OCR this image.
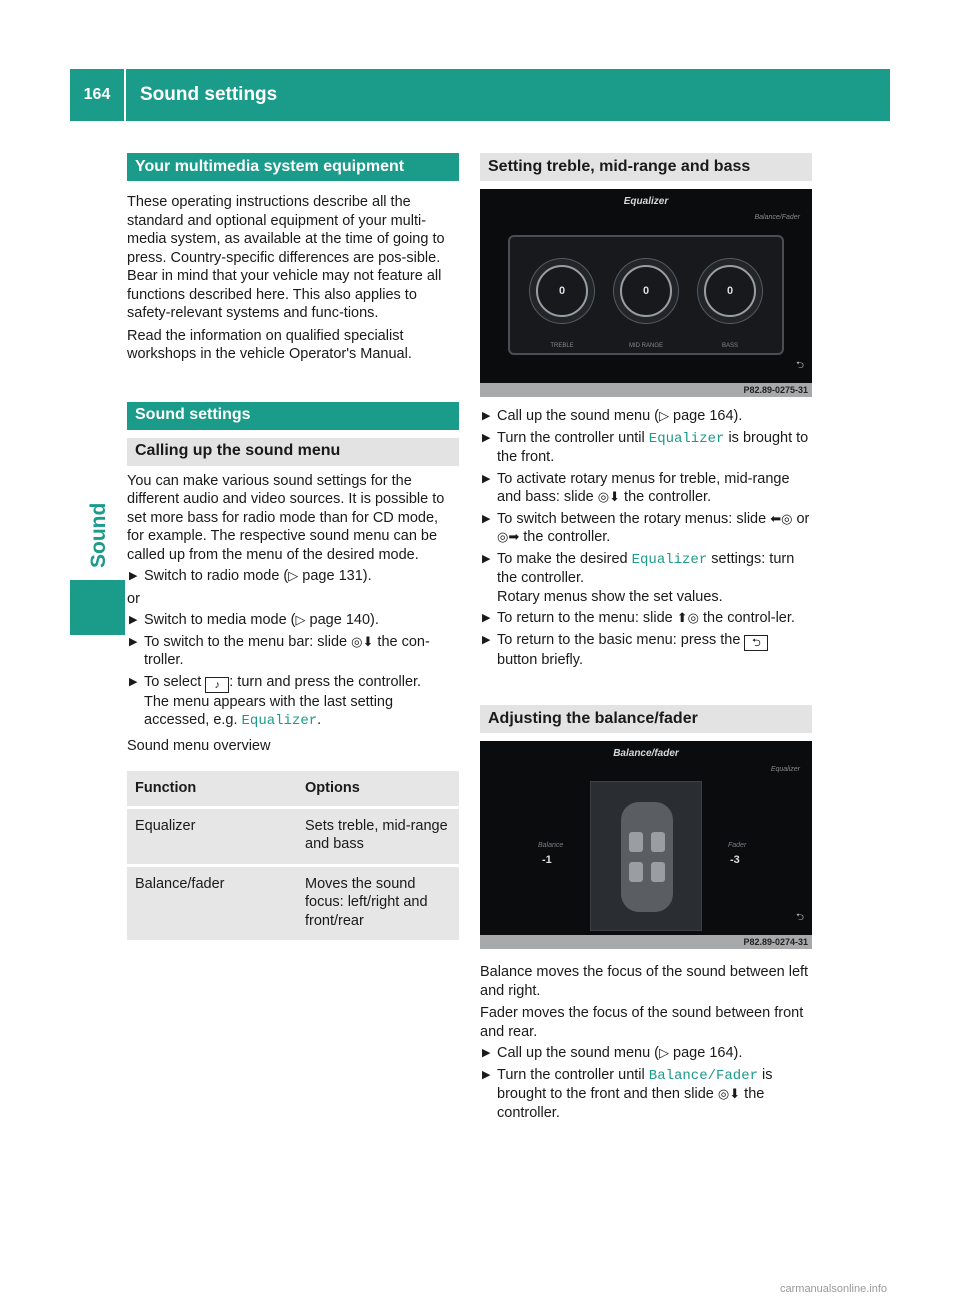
164	Sound settings
Sound
Your multimedia system equipment

These operating instructions describe all the standard and optional equipment of your multi-media system, as available at the time of going to press. Country-specific differences are pos-sible. Bear in mind that your vehicle may not feature all functions described here. This also applies to safety-relevant systems and func-tions.

Read the information on qualified specialist workshops in the vehicle Operator's Manual.

Sound settings
Calling up the sound menu

You can make various sound settings for the different audio and video sources. It is possible to set more bass for radio mode than for CD mode, for example. The respective sound menu can be called up from the menu of the desired mode.

▶ Switch to radio mode (▷ page 131).

or

▶ Switch to media mode (▷ page 140).
▶ To switch to the menu bar: slide ◎⬇ the con-troller.
▶ To select ♪ : turn and press the controller.
The menu appears with the last setting accessed, e.g. Equalizer.

Sound menu overview

Function	Options
Equalizer	Sets treble, mid-range and bass
Balance/fader	Moves the sound focus: left/right and front/rear
Setting treble, mid-range and bass
Equalizer
Balance/Fader
0	0	0
TREBLE	MID RANGE	BASS
⮌
P82.89-0275-31
▶ Call up the sound menu (▷ page 164).
▶ Turn the controller until Equalizer is brought to the front.
▶ To activate rotary menus for treble, mid-range and bass: slide ◎⬇ the controller.
▶ To switch between the rotary menus: slide ⬅◎ or ◎➡ the controller.
▶ To make the desired Equalizer settings: turn the controller.
Rotary menus show the set values.
▶ To return to the menu: slide ⬆◎ the control-ler.
▶ To return to the basic menu: press the ⮌ button briefly.
Adjusting the balance/fader
Balance/fader
Equalizer
Balance
-1
Fader
-3
⮌
P82.89-0274-31

Balance moves the focus of the sound between left and right.

Fader moves the focus of the sound between front and rear.

▶ Call up the sound menu (▷ page 164).
▶ Turn the controller until Balance/Fader is brought to the front and then slide ◎⬇ the controller.
carmanualsonline.info
